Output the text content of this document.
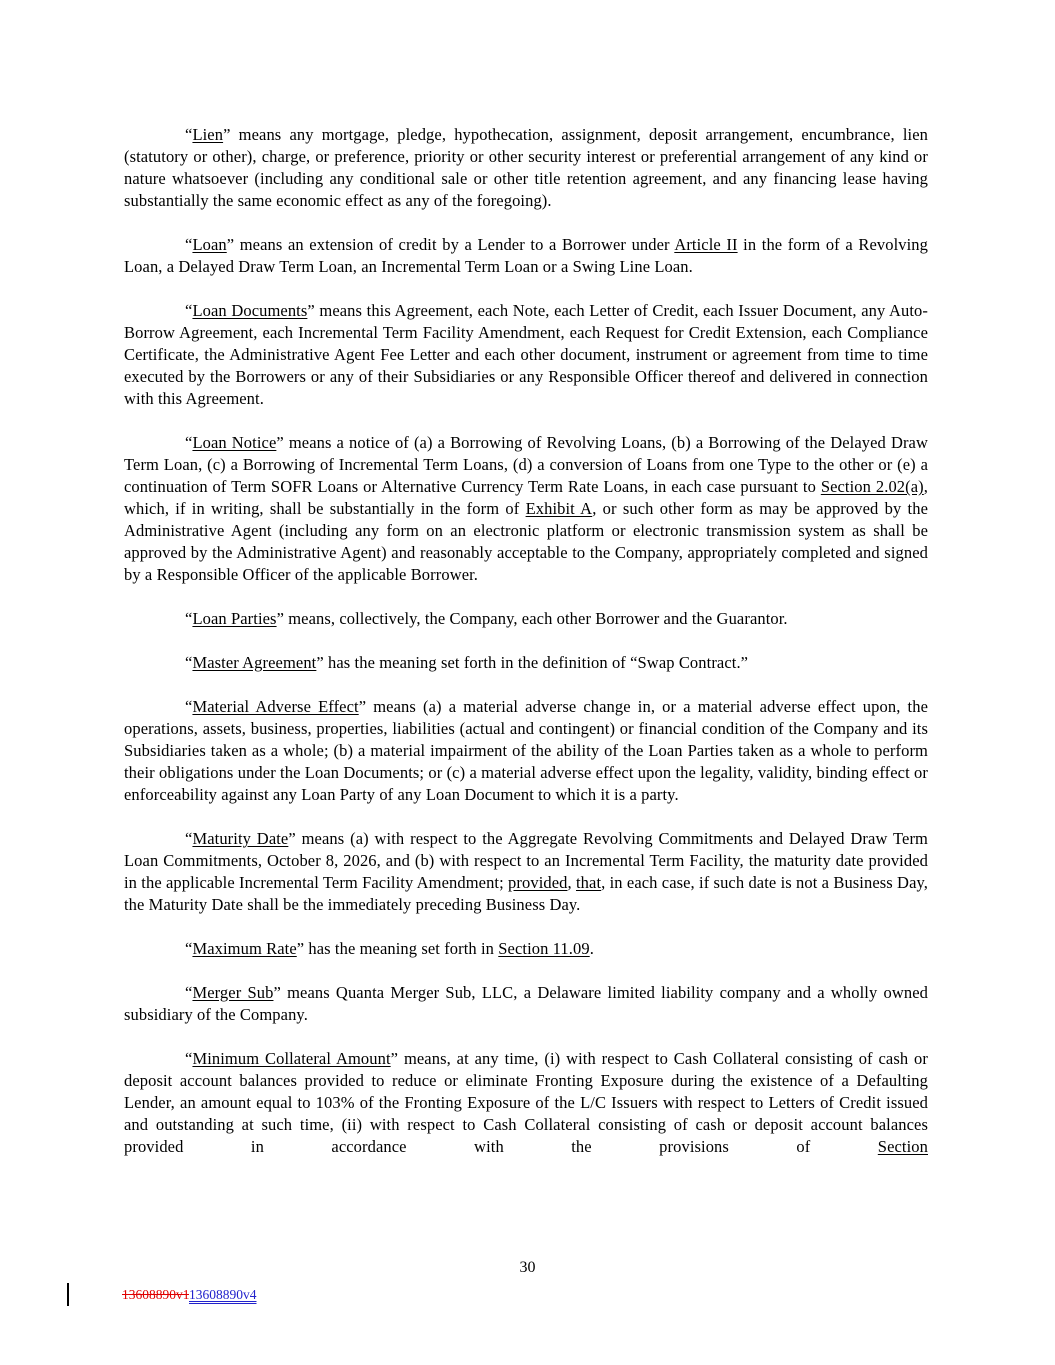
“Lien” means any mortgage, pledge, hypothecation, assignment, deposit arrangement, encumbrance, lien (statutory or other), charge, or preference, priority or other security interest or preferential arrangement of any kind or nature whatsoever (including any conditional sale or other title retention agreement, and any financing lease having substantially the same economic effect as any of the foregoing).

“Loan” means an extension of credit by a Lender to a Borrower under Article II in the form of a Revolving Loan, a Delayed Draw Term Loan, an Incremental Term Loan or a Swing Line Loan.

“Loan Documents” means this Agreement, each Note, each Letter of Credit, each Issuer Document, any Auto-Borrow Agreement, each Incremental Term Facility Amendment, each Request for Credit Extension, each Compliance Certificate, the Administrative Agent Fee Letter and each other document, instrument or agreement from time to time executed by the Borrowers or any of their Subsidiaries or any Responsible Officer thereof and delivered in connection with this Agreement.

“Loan Notice” means a notice of (a) a Borrowing of Revolving Loans, (b) a Borrowing of the Delayed Draw Term Loan, (c) a Borrowing of Incremental Term Loans, (d) a conversion of Loans from one Type to the other or (e) a continuation of Term SOFR Loans or Alternative Currency Term Rate Loans, in each case pursuant to Section 2.02(a), which, if in writing, shall be substantially in the form of Exhibit A, or such other form as may be approved by the Administrative Agent (including any form on an electronic platform or electronic transmission system as shall be approved by the Administrative Agent) and reasonably acceptable to the Company, appropriately completed and signed by a Responsible Officer of the applicable Borrower.

“Loan Parties” means, collectively, the Company, each other Borrower and the Guarantor.

“Master Agreement” has the meaning set forth in the definition of “Swap Contract.”

“Material Adverse Effect” means (a) a material adverse change in, or a material adverse effect upon, the operations, assets, business, properties, liabilities (actual and contingent) or financial condition of the Company and its Subsidiaries taken as a whole; (b) a material impairment of the ability of the Loan Parties taken as a whole to perform their obligations under the Loan Documents; or (c) a material adverse effect upon the legality, validity, binding effect or enforceability against any Loan Party of any Loan Document to which it is a party.

“Maturity Date” means (a) with respect to the Aggregate Revolving Commitments and Delayed Draw Term Loan Commitments, October 8, 2026, and (b) with respect to an Incremental Term Facility, the maturity date provided in the applicable Incremental Term Facility Amendment; provided, that, in each case, if such date is not a Business Day, the Maturity Date shall be the immediately preceding Business Day.

“Maximum Rate” has the meaning set forth in Section 11.09.

“Merger Sub” means Quanta Merger Sub, LLC, a Delaware limited liability company and a wholly owned subsidiary of the Company.

“Minimum Collateral Amount” means, at any time, (i) with respect to Cash Collateral consisting of cash or deposit account balances provided to reduce or eliminate Fronting Exposure during the existence of a Defaulting Lender, an amount equal to 103% of the Fronting Exposure of the L/C Issuers with respect to Letters of Credit issued and outstanding at such time, (ii) with respect to Cash Collateral consisting of cash or deposit account balances provided in accordance with the provisions of Section

30
13608890v113608890v4
